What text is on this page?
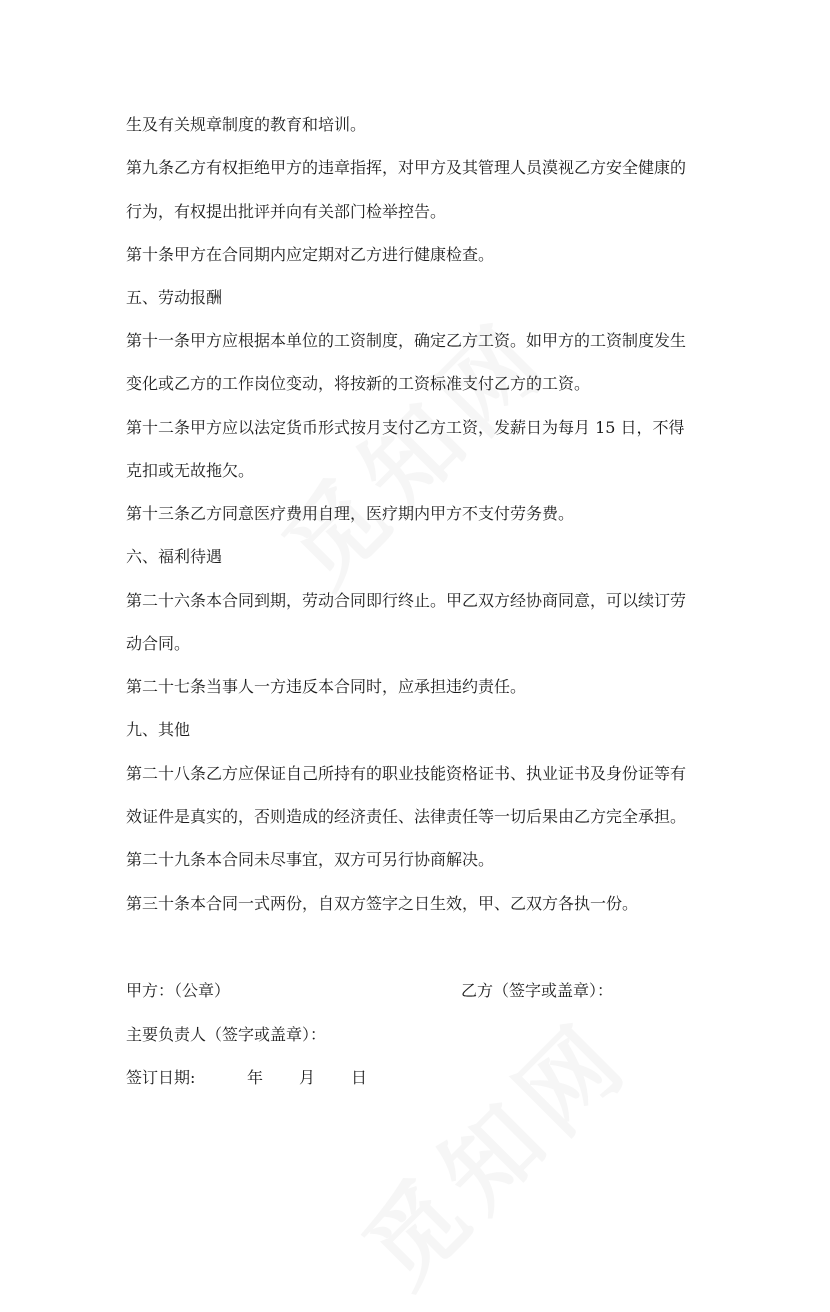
生及有关规章制度的教育和培训。
第九条乙方有权拒绝甲方的违章指挥，对甲方及其管理人员漠视乙方安全健康的
行为，有权提出批评并向有关部门检举控告。
第十条甲方在合同期内应定期对乙方进行健康检查。
五、劳动报酬
第十一条甲方应根据本单位的工资制度，确定乙方工资。如甲方的工资制度发生
变化或乙方的工作岗位变动，将按新的工资标准支付乙方的工资。
第十二条甲方应以法定货币形式按月支付乙方工资，发薪日为每月 15 日，不得
克扣或无故拖欠。
第十三条乙方同意医疗费用自理，医疗期内甲方不支付劳务费。
六、福利待遇
第二十六条本合同到期，劳动合同即行终止。甲乙双方经协商同意，可以续订劳
动合同。
第二十七条当事人一方违反本合同时，应承担违约责任。
九、其他
第二十八条乙方应保证自己所持有的职业技能资格证书、执业证书及身份证等有
效证件是真实的，否则造成的经济责任、法律责任等一切后果由乙方完全承担。
第二十九条本合同未尽事宜，双方可另行协商解决。
第三十条本合同一式两份，自双方签字之日生效，甲、乙双方各执一份。
甲方：（公章）	乙方（签字或盖章）：
主要负责人（签字或盖章）：
签订日期:	年 月 日
